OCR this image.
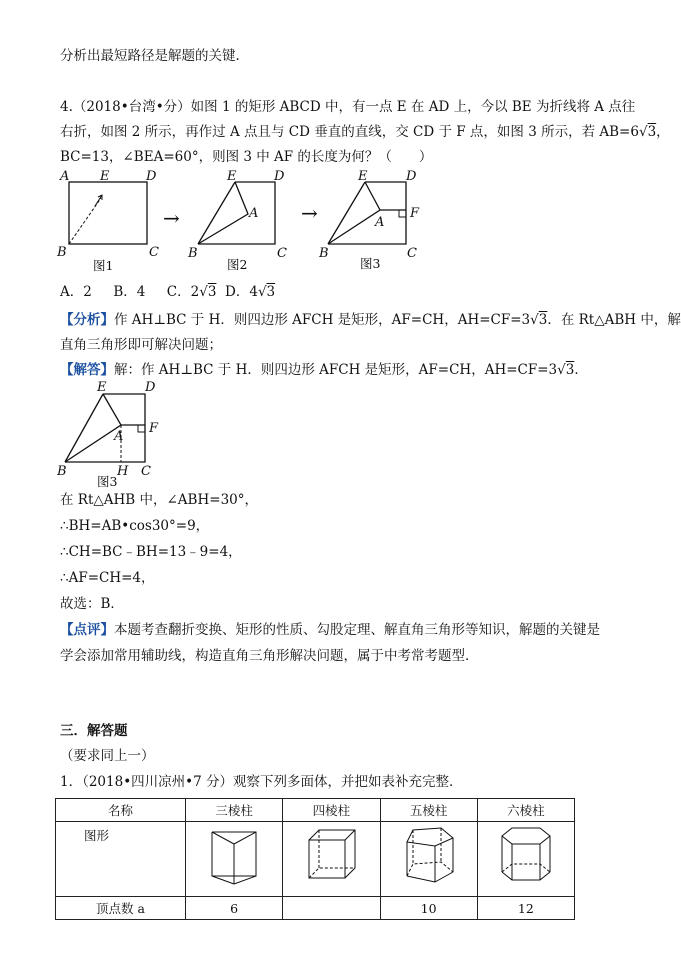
分析出最短路径是解题的关键.
4.（2018•台湾•分）如图 1 的矩形 ABCD 中，有一点 E 在 AD 上，今以 BE 为折线将 A 点往
右折，如图 2 所示，再作过 A 点且与 CD 垂直的直线，交 CD 于 F 点，如图 3 所示，若 AB=6√3，
BC=13，∠BEA=60°，则图 3 中 AF 的长度为何？（　　）
A E	D
B	C
图1
→
E	D
A
B	C
图2
→
E	D
A
F
B	C
图3
A．2 B．4 C．2√3 D．4√3
【分析】作 AH⊥BC 于 H．则四边形 AFCH 是矩形，AF=CH，AH=CF=3√3．在 Rt△ABH 中，解
直角三角形即可解决问题；
【解答】解：作 AH⊥BC 于 H．则四边形 AFCH 是矩形，AF=CH，AH=CF=3√3．
E	D
A
F
B	H C
图3
在 Rt△AHB 中，∠ABH=30°，
∴BH=AB•cos30°=9，
∴CH=BC﹣BH=13﹣9=4，
∴AF=CH=4，
故选：B．
【点评】本题考查翻折变换、矩形的性质、勾股定理、解直角三角形等知识，解题的关键是
学会添加常用辅助线，构造直角三角形解决问题，属于中考常考题型．
三．解答题
（要求同上一）
1．（2018•四川凉州•7 分）观察下列多面体，并把如表补充完整．
名称	三棱柱	四棱柱	五棱柱	六棱柱
图形				
顶点数 a	6		10	12
